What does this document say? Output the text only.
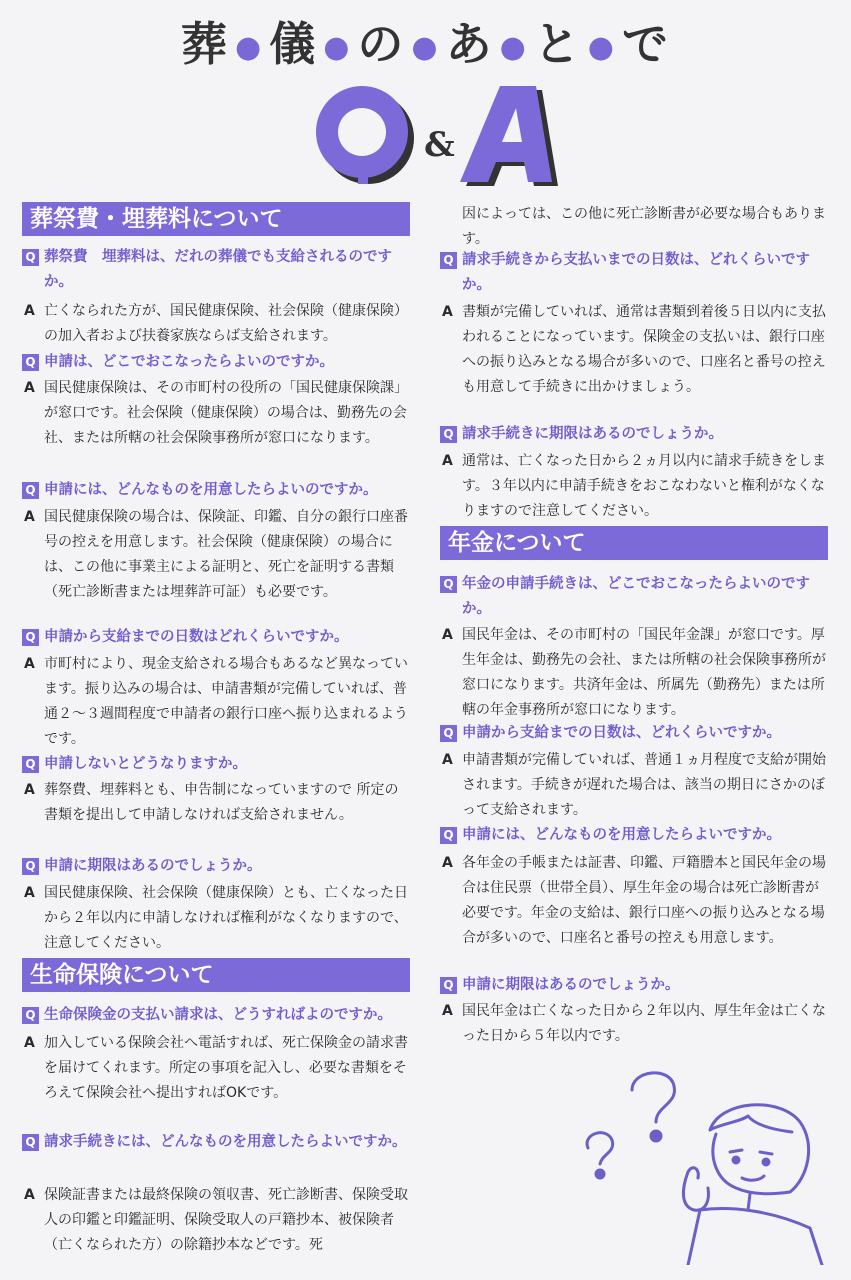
葬 ● 儀 ● の ● あ ● と ● で
&
葬祭費・埋葬料について
Q 葬祭費　埋葬料は、だれの葬儀でも支給されるのですか。
A 亡くなられた方が、国民健康保険、社会保険（健康保険）の加入者および扶養家族ならば支給されます。
Q 申請は、どこでおこなったらよいのですか。
A 国民健康保険は、その市町村の役所の「国民健康保険課」が窓口です。社会保険（健康保険）の場合は、勤務先の会社、または所轄の社会保険事務所が窓口になります。
Q 申請には、どんなものを用意したらよいのですか。
A 国民健康保険の場合は、保険証、印鑑、自分の銀行口座番号の控えを用意します。社会保険（健康保険）の場合には、この他に事業主による証明と、死亡を証明する書類（死亡診断書または埋葬許可証）も必要です。
Q 申請から支給までの日数はどれくらいですか。
A 市町村により、現金支給される場合もあるなど異なっています。振り込みの場合は、申請書類が完備していれば、普通２～３週間程度で申請者の銀行口座へ振り込まれるようです。
Q 申請しないとどうなりますか。
A 葬祭費、埋葬料とも、申告制になっていますので 所定の書類を提出して申請しなければ支給されません。
Q 申請に期限はあるのでしょうか。
A 国民健康保険、社会保険（健康保険）とも、亡くなった日から２年以内に申請しなければ権利がなくなりますので、注意してください。
生命保険について
Q 生命保険金の支払い請求は、どうすればよのですか。
A 加入している保険会社へ電話すれば、死亡保険金の請求書を届けてくれます。所定の事項を記入し、必要な書類をそろえて保険会社へ提出すればOKです。
Q 請求手続きには、どんなものを用意したらよいですか。
A 保険証書または最終保険の領収書、死亡診断書、保険受取人の印鑑と印鑑証明、保険受取人の戸籍抄本、被保険者（亡くなられた方）の除籍抄本などです。死
因によっては、この他に死亡診断書が必要な場合もあります。
Q 請求手続きから支払いまでの日数は、どれくらいですか。
A 書類が完備していれば、通常は書類到着後５日以内に支払われることになっています。保険金の支払いは、銀行口座への振り込みとなる場合が多いので、口座名と番号の控えも用意して手続きに出かけましょう。
Q 請求手続きに期限はあるのでしょうか。
A 通常は、亡くなった日から２ヵ月以内に請求手続きをします。３年以内に申請手続きをおこなわないと権利がなくなりますので注意してください。
年金について
Q 年金の申請手続きは、どこでおこなったらよいのですか。
A 国民年金は、その市町村の「国民年金課」が窓口です。厚生年金は、勤務先の会社、または所轄の社会保険事務所が窓口になります。共済年金は、所属先（勤務先）または所轄の年金事務所が窓口になります。
Q 申請から支給までの日数は、どれくらいですか。
A 申請書類が完備していれば、普通１ヵ月程度で支給が開始されます。手続きが遅れた場合は、該当の期日にさかのぼって支給されます。
Q 申請には、どんなものを用意したらよいですか。
A 各年金の手帳または証書、印鑑、戸籍謄本と国民年金の場合は住民票（世帯全員）、厚生年金の場合は死亡診断書が必要です。年金の支給は、銀行口座への振り込みとなる場合が多いので、口座名と番号の控えも用意します。
Q 申請に期限はあるのでしょうか。
A 国民年金は亡くなった日から２年以内、厚生年金は亡くなった日から５年以内です。
